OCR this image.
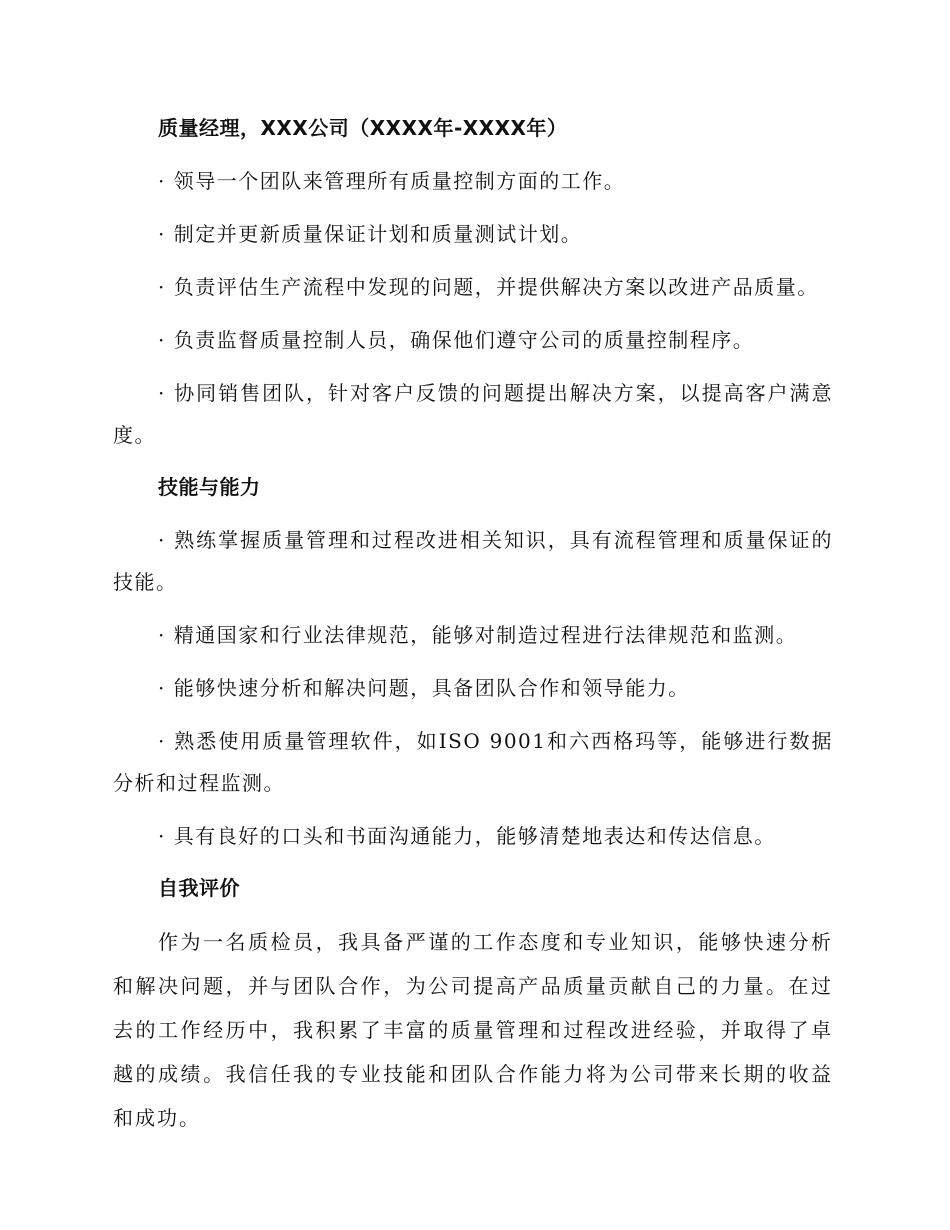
质量经理，XXX公司（XXXX年-XXXX年）

· 领导一个团队来管理所有质量控制方面的工作。

· 制定并更新质量保证计划和质量测试计划。

· 负责评估生产流程中发现的问题，并提供解决方案以改进产品质量。

· 负责监督质量控制人员，确保他们遵守公司的质量控制程序。

· 协同销售团队，针对客户反馈的问题提出解决方案，以提高客户满意度。

技能与能力

· 熟练掌握质量管理和过程改进相关知识，具有流程管理和质量保证的技能。

· 精通国家和行业法律规范，能够对制造过程进行法律规范和监测。

· 能够快速分析和解决问题，具备团队合作和领导能力。

· 熟悉使用质量管理软件，如ISO 9001和六西格玛等，能够进行数据分析和过程监测。

· 具有良好的口头和书面沟通能力，能够清楚地表达和传达信息。

自我评价

作为一名质检员，我具备严谨的工作态度和专业知识，能够快速分析和解决问题，并与团队合作，为公司提高产品质量贡献自己的力量。在过去的工作经历中，我积累了丰富的质量管理和过程改进经验，并取得了卓越的成绩。我信任我的专业技能和团队合作能力将为公司带来长期的收益和成功。
